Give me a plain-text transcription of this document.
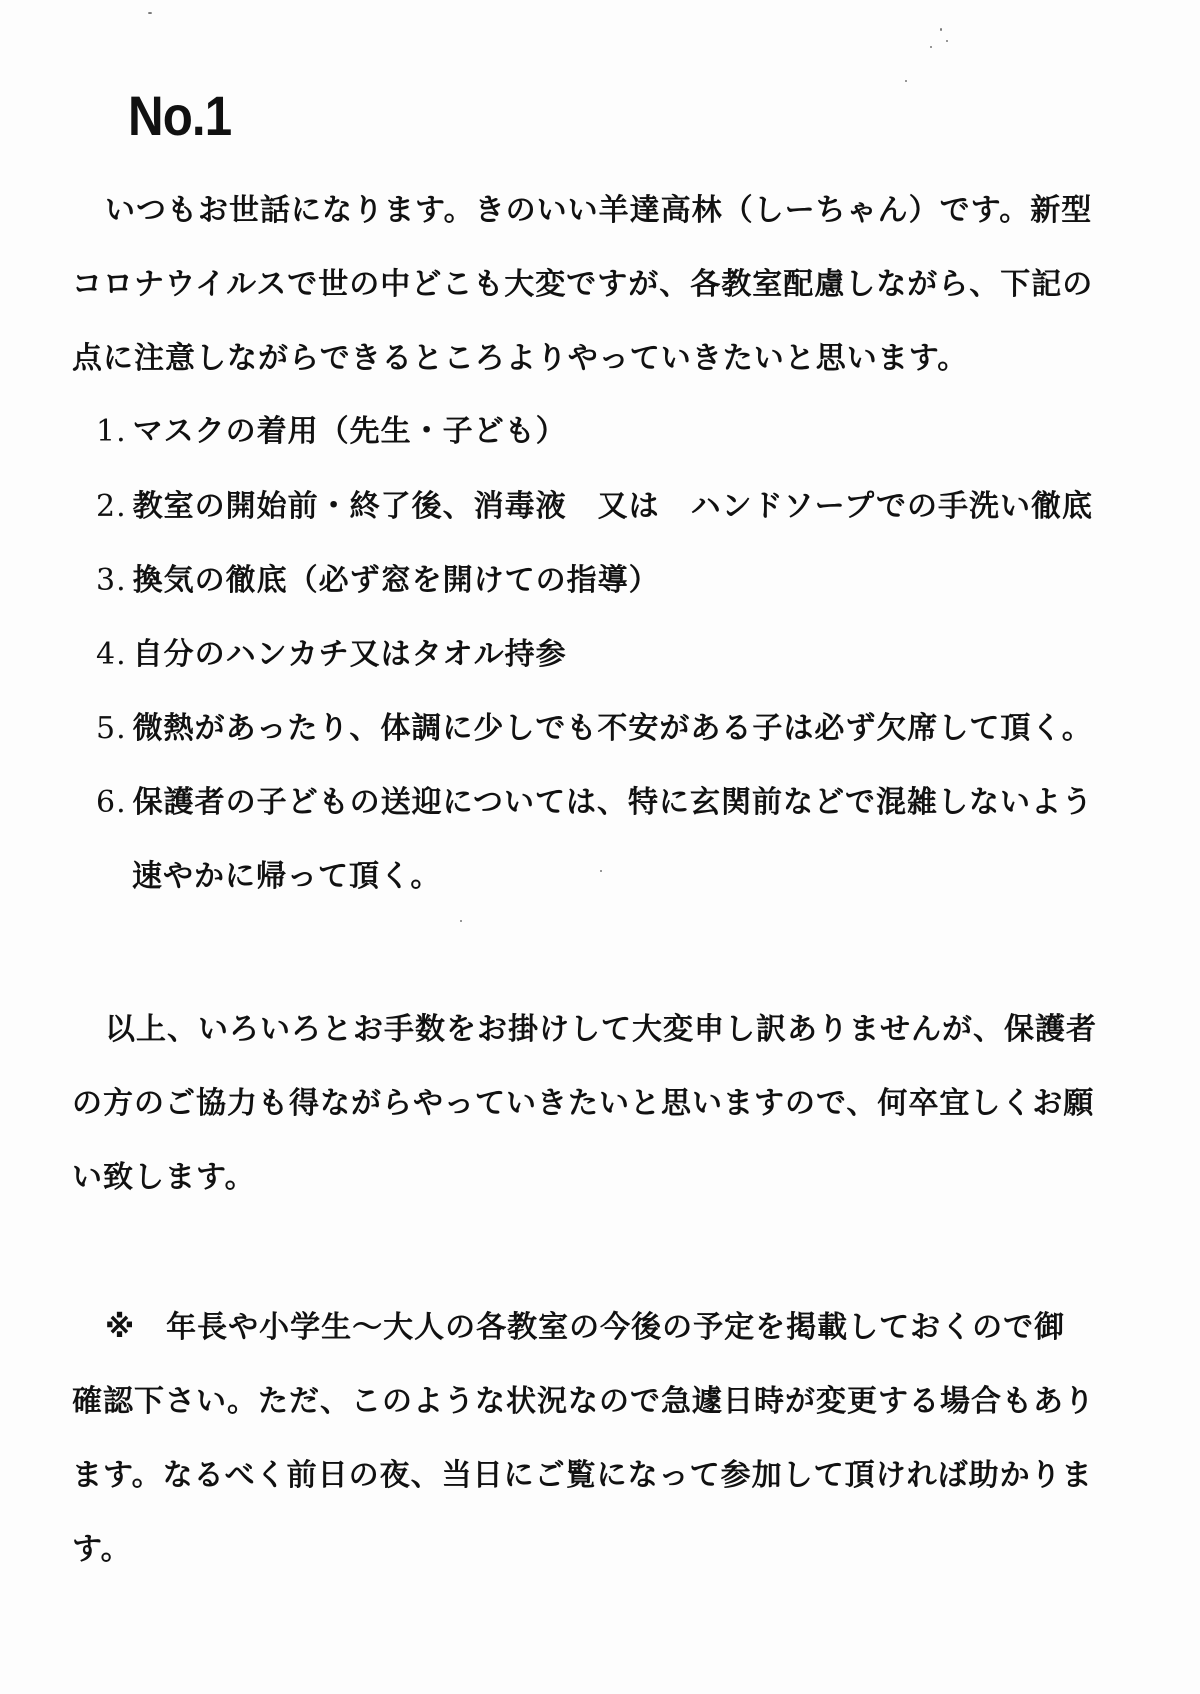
No.1
いつもお世話になります。きのいい羊達高林（しーちゃん）です。新型
コロナウイルスで世の中どこも大変ですが、各教室配慮しながら、下記の
点に注意しながらできるところよりやっていきたいと思います。
1. マスクの着用（先生・子ども）
2. 教室の開始前・終了後、消毒液　又は　ハンドソープでの手洗い徹底
3. 換気の徹底（必ず窓を開けての指導）
4. 自分のハンカチ又はタオル持参
5. 微熱があったり、体調に少しでも不安がある子は必ず欠席して頂く。
6. 保護者の子どもの送迎については、特に玄関前などで混雑しないよう
速やかに帰って頂く。
以上、いろいろとお手数をお掛けして大変申し訳ありませんが、保護者
の方のご協力も得ながらやっていきたいと思いますので、何卒宜しくお願
い致します。
※　年長や小学生～大人の各教室の今後の予定を掲載しておくので御
確認下さい。ただ、このような状況なので急遽日時が変更する場合もあり
ます。なるべく前日の夜、当日にご覧になって参加して頂ければ助かりま
す。
